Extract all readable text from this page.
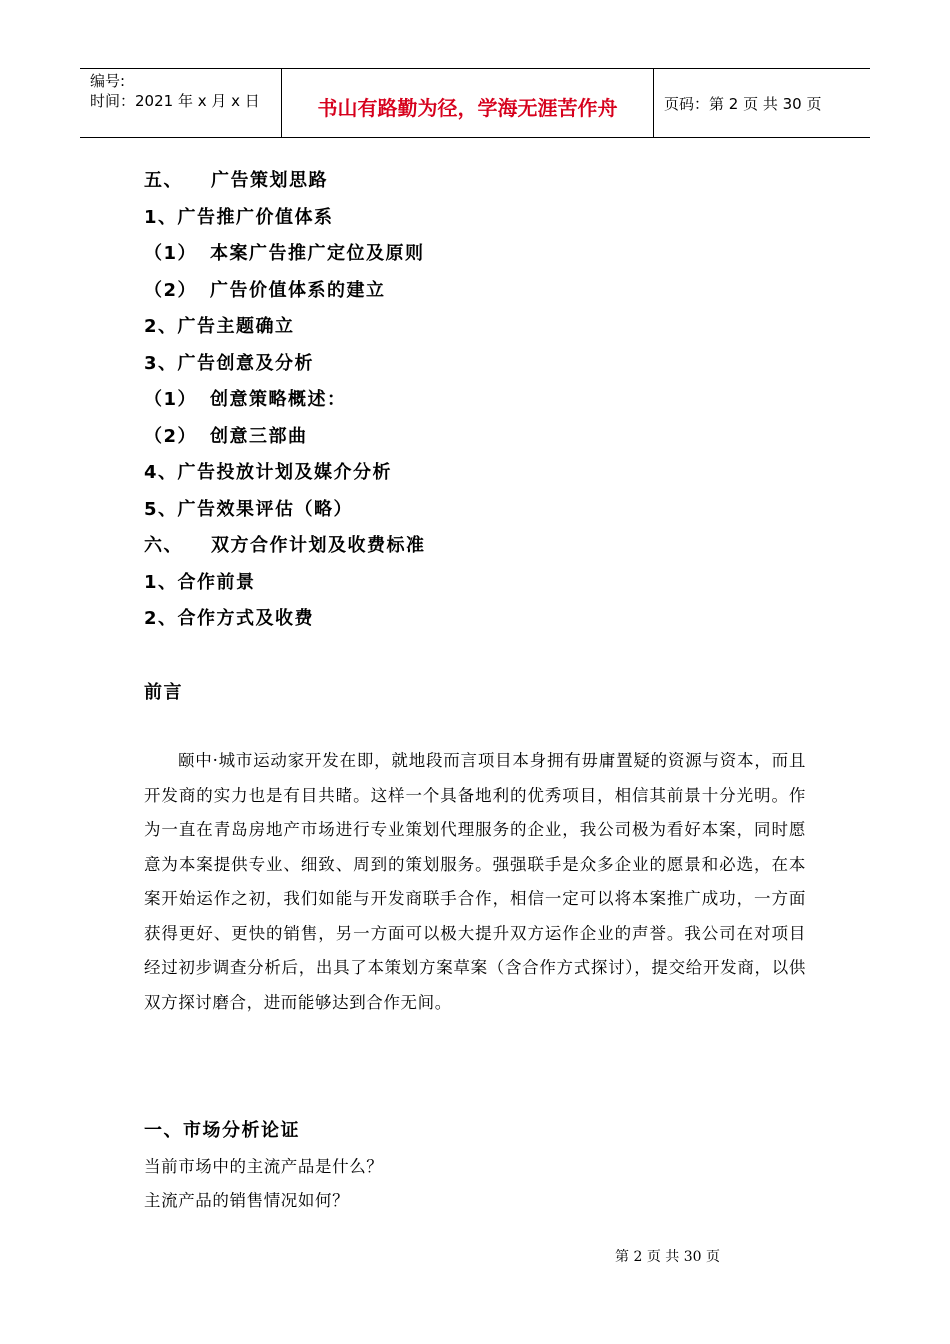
编号:
时间：2021 年 x 月 x 日	书山有路勤为径，学海无涯苦作舟	页码：第 2 页 共 30 页
五、 广告策划思路
1、广告推广价值体系
（1） 本案广告推广定位及原则
（2） 广告价值体系的建立
2、广告主题确立
3、广告创意及分析
（1） 创意策略概述：
（2） 创意三部曲
4、广告投放计划及媒介分析
5、广告效果评估（略）
六、 双方合作计划及收费标准
1、合作前景
2、合作方式及收费
前言

颐中·城市运动家开发在即，就地段而言项目本身拥有毋庸置疑的资源与资本，而且开发商的实力也是有目共睹。这样一个具备地利的优秀项目，相信其前景十分光明。作为一直在青岛房地产市场进行专业策划代理服务的企业，我公司极为看好本案，同时愿意为本案提供专业、细致、周到的策划服务。强强联手是众多企业的愿景和必选，在本案开始运作之初，我们如能与开发商联手合作，相信一定可以将本案推广成功，一方面获得更好、更快的销售，另一方面可以极大提升双方运作企业的声誉。我公司在对项目经过初步调查分析后，出具了本策划方案草案（含合作方式探讨），提交给开发商，以供双方探讨磨合，进而能够达到合作无间。

一、市场分析论证
当前市场中的主流产品是什么？
主流产品的销售情况如何？
第 2 页 共 30 页
